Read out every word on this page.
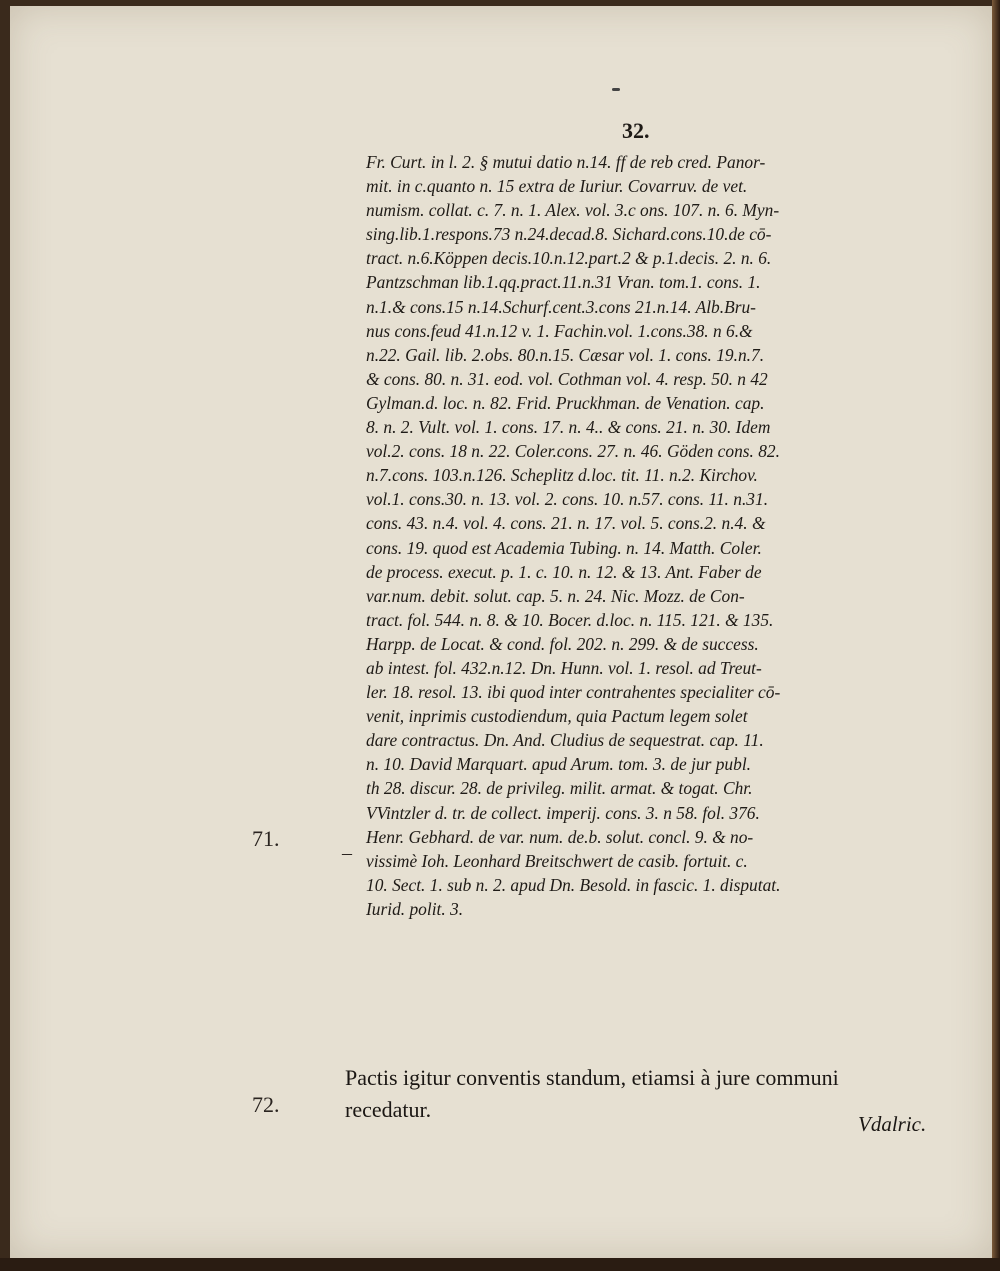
32.

Fr. Curt. in l. 2. § mutui datio n.14. ff de reb cred. Panor-
mit. in c.quanto n. 15 extra de Iuriur. Covarruv. de vet.
numism. collat. c. 7. n. 1. Alex. vol. 3.c ons. 107. n. 6. Myn-
sing.lib.1.respons.73 n.24.decad.8. Sichard.cons.10.de cō-
tract. n.6.Köppen decis.10.n.12.part.2 & p.1.decis. 2. n. 6.
Pantzschman lib.1.qq.pract.11.n.31 Vran. tom.1. cons. 1.
n.1.& cons.15 n.14.Schurf.cent.3.cons 21.n.14. Alb.Bru-
nus cons.feud 41.n.12 v. 1. Fachin.vol. 1.cons.38. n 6.&
n.22. Gail. lib. 2.obs. 80.n.15. Cæsar vol. 1. cons. 19.n.7.
& cons. 80. n. 31. eod. vol. Cothman vol. 4. resp. 50. n 42
Gylman.d. loc. n. 82. Frid. Pruckhman. de Venation. cap.
8. n. 2. Vult. vol. 1. cons. 17. n. 4.. & cons. 21. n. 30. Idem
vol.2. cons. 18 n. 22. Coler.cons. 27. n. 46. Göden cons. 82.
n.7.cons. 103.n.126. Scheplitz d.loc. tit. 11. n.2. Kirchov.
vol.1. cons.30. n. 13. vol. 2. cons. 10. n.57. cons. 11. n.31.
cons. 43. n.4. vol. 4. cons. 21. n. 17. vol. 5. cons.2. n.4. &
cons. 19. quod est Academia Tubing. n. 14. Matth. Coler.
de process. execut. p. 1. c. 10. n. 12. & 13. Ant. Faber de
var.num. debit. solut. cap. 5. n. 24. Nic. Mozz. de Con-
tract. fol. 544. n. 8. & 10. Bocer. d.loc. n. 115. 121. & 135.
Harpp. de Locat. & cond. fol. 202. n. 299. & de success.
ab intest. fol. 432.n.12. Dn. Hunn. vol. 1. resol. ad Treut-
ler. 18. resol. 13. ibi quod inter contrahentes specialiter cō-
venit, inprimis custodiendum, quia Pactum legem solet
dare contractus. Dn. And. Cludius de sequestrat. cap. 11.
n. 10. David Marquart. apud Arum. tom. 3. de jur publ.
th 28. discur. 28. de privileg. milit. armat. & togat. Chr.
VVintzler d. tr. de collect. imperij. cons. 3. n 58. fol. 376.
Henr. Gebhard. de var. num. de.b. solut. concl. 9. & no-
vissimè Ioh. Leonhard Breitschwert de casib. fortuit. c.
10. Sect. 1. sub n. 2. apud Dn. Besold. in fascic. 1. disputat.
Iurid. polit. 3.

71.
–
72.

Pactis igitur conventis standum, etiamsi à jure communi
recedatur.

Vdalric.
